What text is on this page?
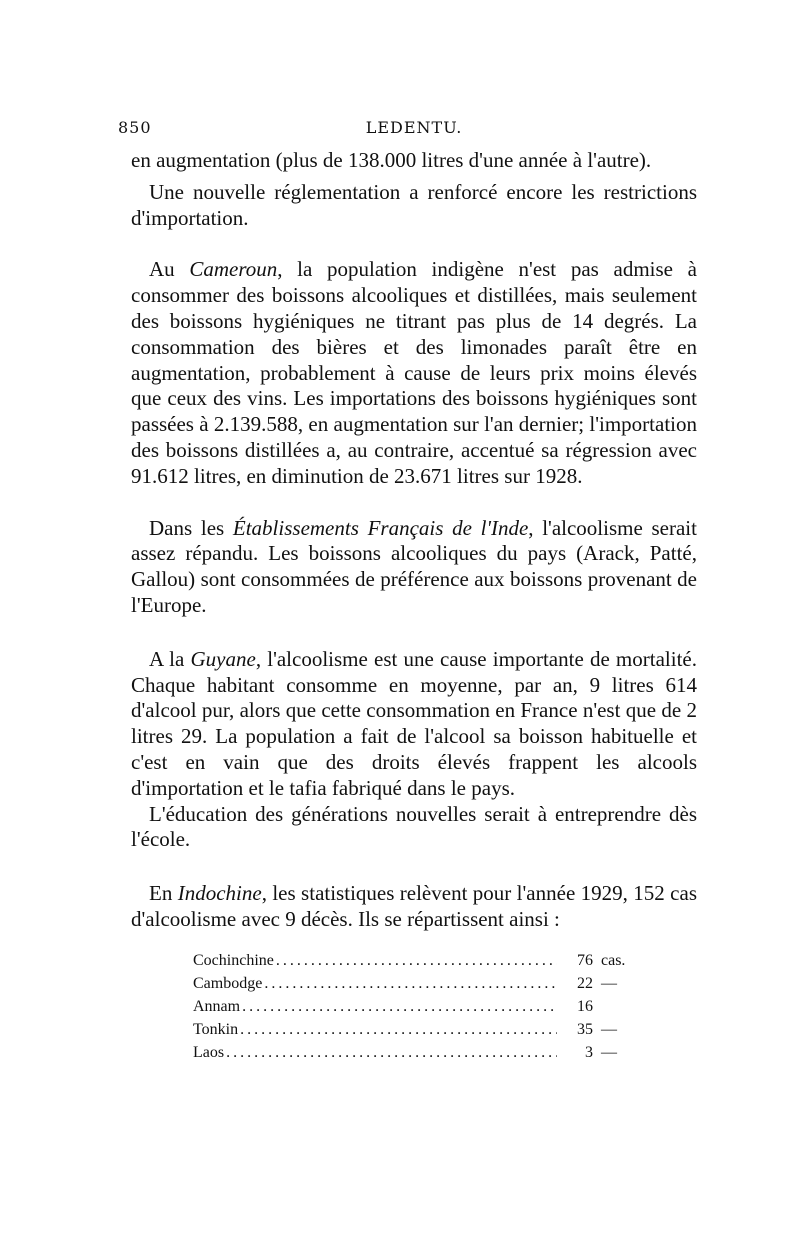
850	LEDENTU.

en augmentation (plus de 138.000 litres d'une année à l'autre).

Une nouvelle réglementation a renforcé encore les restrictions d'importation.

Au Cameroun, la population indigène n'est pas admise à consommer des boissons alcooliques et distillées, mais seulement des boissons hygiéniques ne titrant pas plus de 14 degrés. La consommation des bières et des limonades paraît être en augmentation, probablement à cause de leurs prix moins élevés que ceux des vins. Les importations des boissons hygiéniques sont passées à 2.139.588, en augmentation sur l'an dernier; l'importation des boissons distillées a, au contraire, accentué sa régression avec 91.612 litres, en diminution de 23.671 litres sur 1928.

Dans les Établissements Français de l'Inde, l'alcoolisme serait assez répandu. Les boissons alcooliques du pays (Arack, Patté, Gallou) sont consommées de préférence aux boissons provenant de l'Europe.

A la Guyane, l'alcoolisme est une cause importante de mortalité. Chaque habitant consomme en moyenne, par an, 9 litres 614 d'alcool pur, alors que cette consommation en France n'est que de 2 litres 29. La population a fait de l'alcool sa boisson habituelle et c'est en vain que des droits élevés frappent les alcools d'importation et le tafia fabriqué dans le pays.

L'éducation des générations nouvelles serait à entreprendre dès l'école.

En Indochine, les statistiques relèvent pour l'année 1929, 152 cas d'alcoolisme avec 9 décès. Ils se répartissent ainsi :

Cochinchine .....	76 cas.
Cambodge .....	22 —
Annam .....	16
Tonkin .....	35 —
Laos .....	3 —
